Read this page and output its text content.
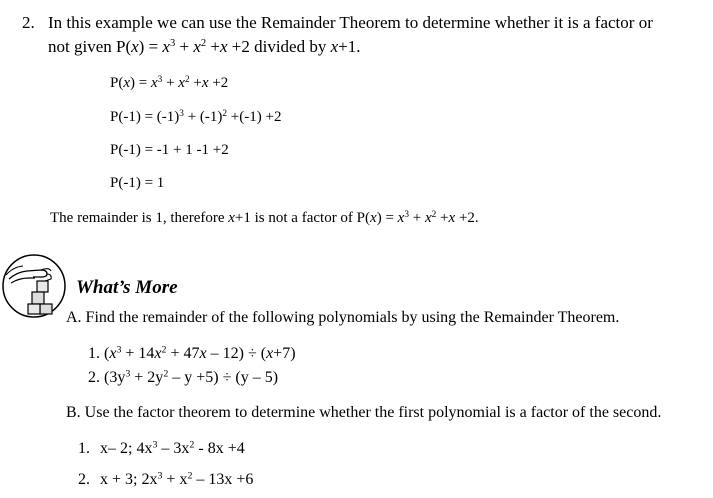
2. In this example we can use the Remainder Theorem to determine whether it is a factor or
not given $P(x) = x^3 + x^2 +x +2$ divided by x+1.
$P(x) = x^3 + x^2 +x +2$
$P(-1) = (-1)^3 + (-1)^2 +(-1) +2$
P(-1) = -1 + 1 -1 +2
P(-1) = 1
The remainder is 1, therefore x+1 is not a factor of $P(x) = x^3 + x^2 +x +2$.
What’s More
A. Find the remainder of the following polynomials by using the Remainder Theorem.
1. $(x^3 + 14x^2 + 47x - 12) \div (x+7)$
2. $(3y^3 + 2y^2 - y +5) \div (y - 5)$
B. Use the factor theorem to determine whether the first polynomial is a factor of the second.
1. x– 2; $4x^3 - 3x^2 - 8x +4$
2. x + 3; $2x^3 + x^2 - 13x +6$
